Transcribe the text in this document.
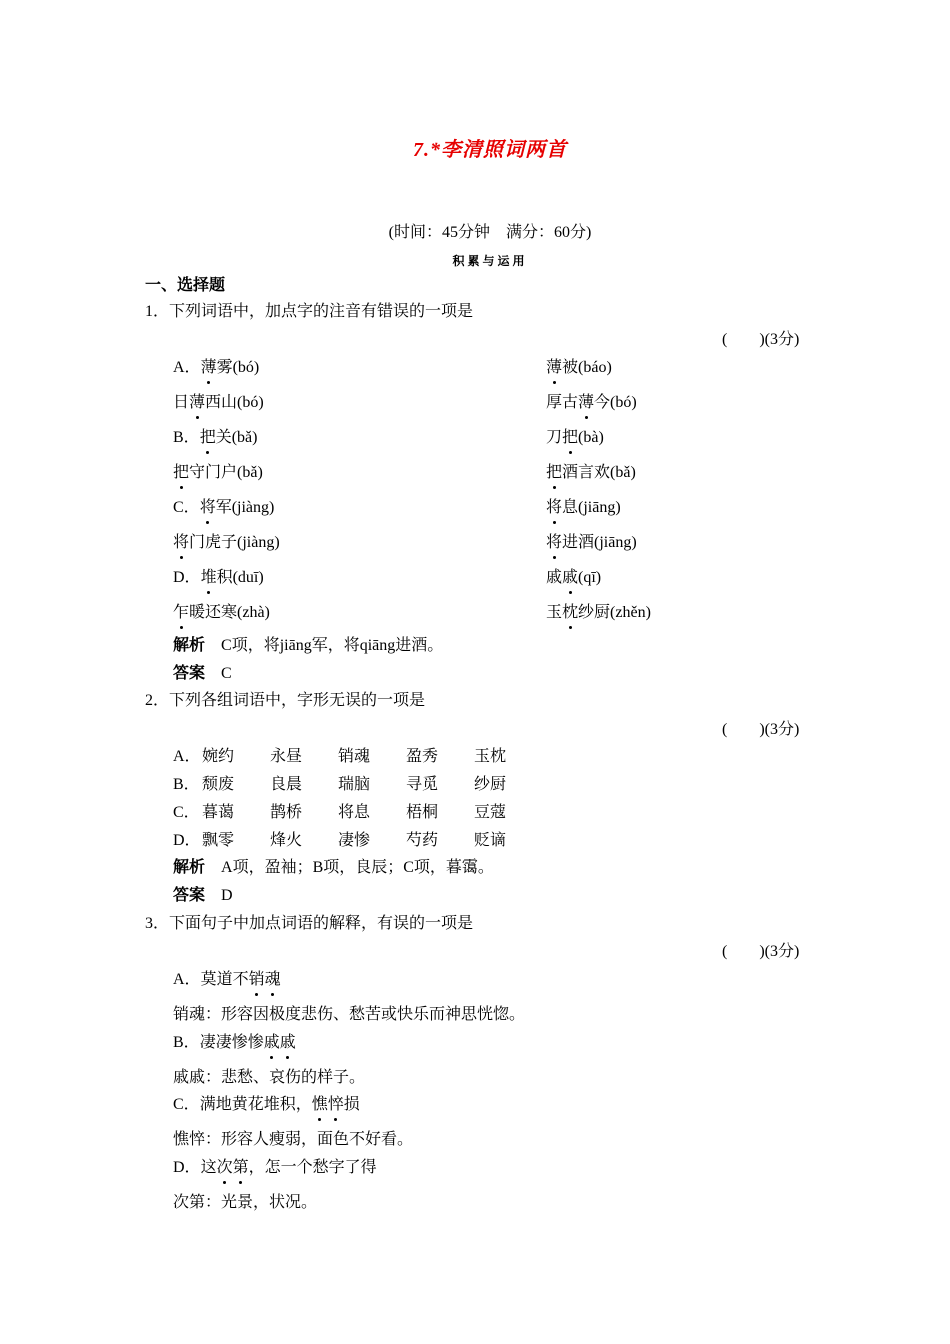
7.*李清照词两首
(时间：45分钟　满分：60分)
积累与运用
一、选择题
1．下列词语中，加点字的注音有错误的一项是
(　　)(3分)
A．薄雾(bó)	薄被(báo)
日薄西山(bó)	厚古薄今(bó)
B．把关(bǎ)	刀把(bà)
把守门户(bǎ)	把酒言欢(bǎ)
C．将军(jiàng)	将息(jiāng)
将门虎子(jiàng)	将进酒(jiāng)
D．堆积(duī)	戚戚(qī)
乍暖还寒(zhà)	玉枕纱厨(zhěn)
解析　 C项，将jiāng军，将qiāng进酒。
答案　 C
2．下列各组词语中，字形无误的一项是
(　　)(3分)
A．婉约 永昼 销魂 盈秀 玉枕
B． 颓废 良晨 瑞脑 寻觅 纱厨
C． 暮蔼 鹊桥 将息 梧桐 豆蔻
D．飘零 烽火 凄惨 芍药 贬谪
解析　 A项，盈袖；B项，良辰；C项，暮霭。
答案　 D
3．下面句子中加点词语的解释，有误的一项是
(　　)(3分)
A．莫道不销魂
销魂：形容因极度悲伤、愁苦或快乐而神思恍惚。
B．凄凄惨惨戚戚
戚戚：悲愁、哀伤的样子。
C．满地黄花堆积，憔悴损
憔悴：形容人瘦弱，面色不好看。
D．这次第，怎一个愁字了得
次第：光景，状况。
